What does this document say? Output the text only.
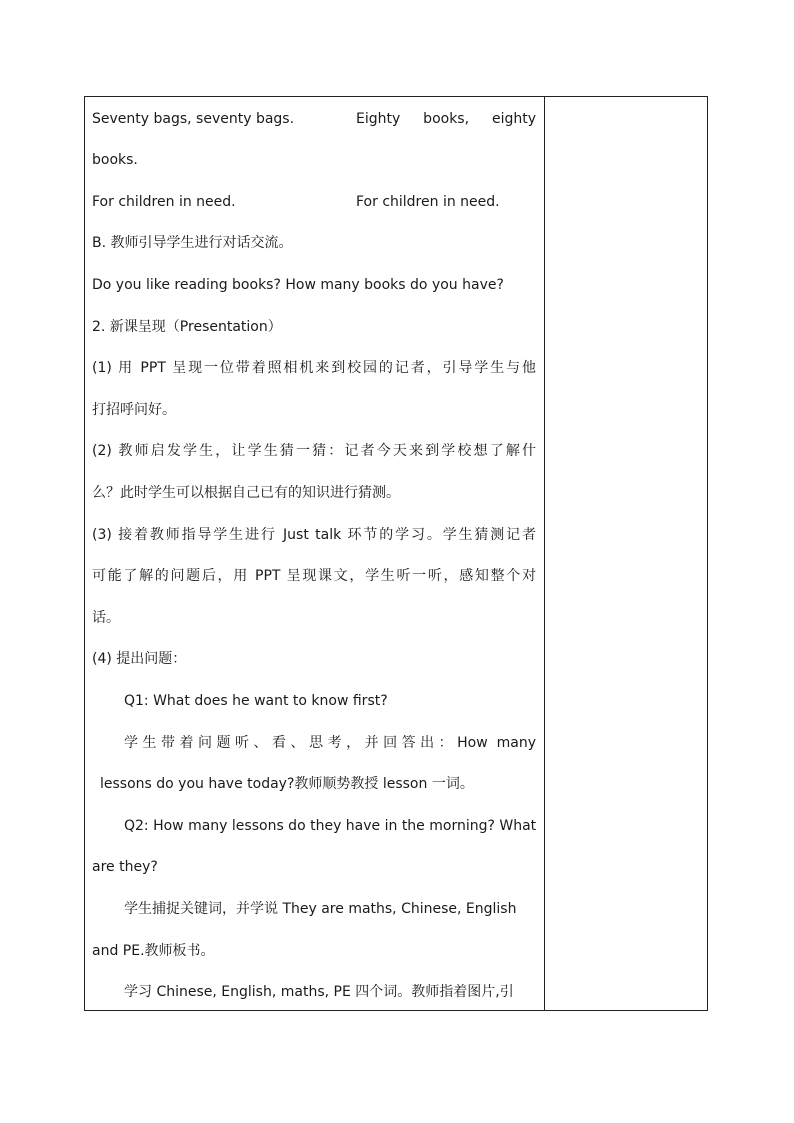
Seventy bags, seventy bags.	Eighty books, eighty
books.
For children in need.	For children in need.
B. 教师引导学生进行对话交流。
Do you like reading books? How many books do you have?
2. 新课呈现（Presentation）
(1) 用 PPT 呈现一位带着照相机来到校园的记者，引导学生与他
打招呼问好。
(2) 教师启发学生，让学生猜一猜：记者今天来到学校想了解什
么？此时学生可以根据自己已有的知识进行猜测。
(3) 接着教师指导学生进行 Just talk 环节的学习。学生猜测记者
可能了解的问题后，用 PPT 呈现课文，学生听一听，感知整个对
话。
(4) 提出问题：
Q1: What does he want to know first?
学生带着问题听、看、思考，并回答出：How many
lessons do you have today?教师顺势教授 lesson 一词。
Q2: How many lessons do they have in the morning? What
are they?
学生捕捉关键词，并学说 They are maths, Chinese, English
and PE.教师板书。
学习 Chinese, English, maths, PE 四个词。教师指着图片,引
